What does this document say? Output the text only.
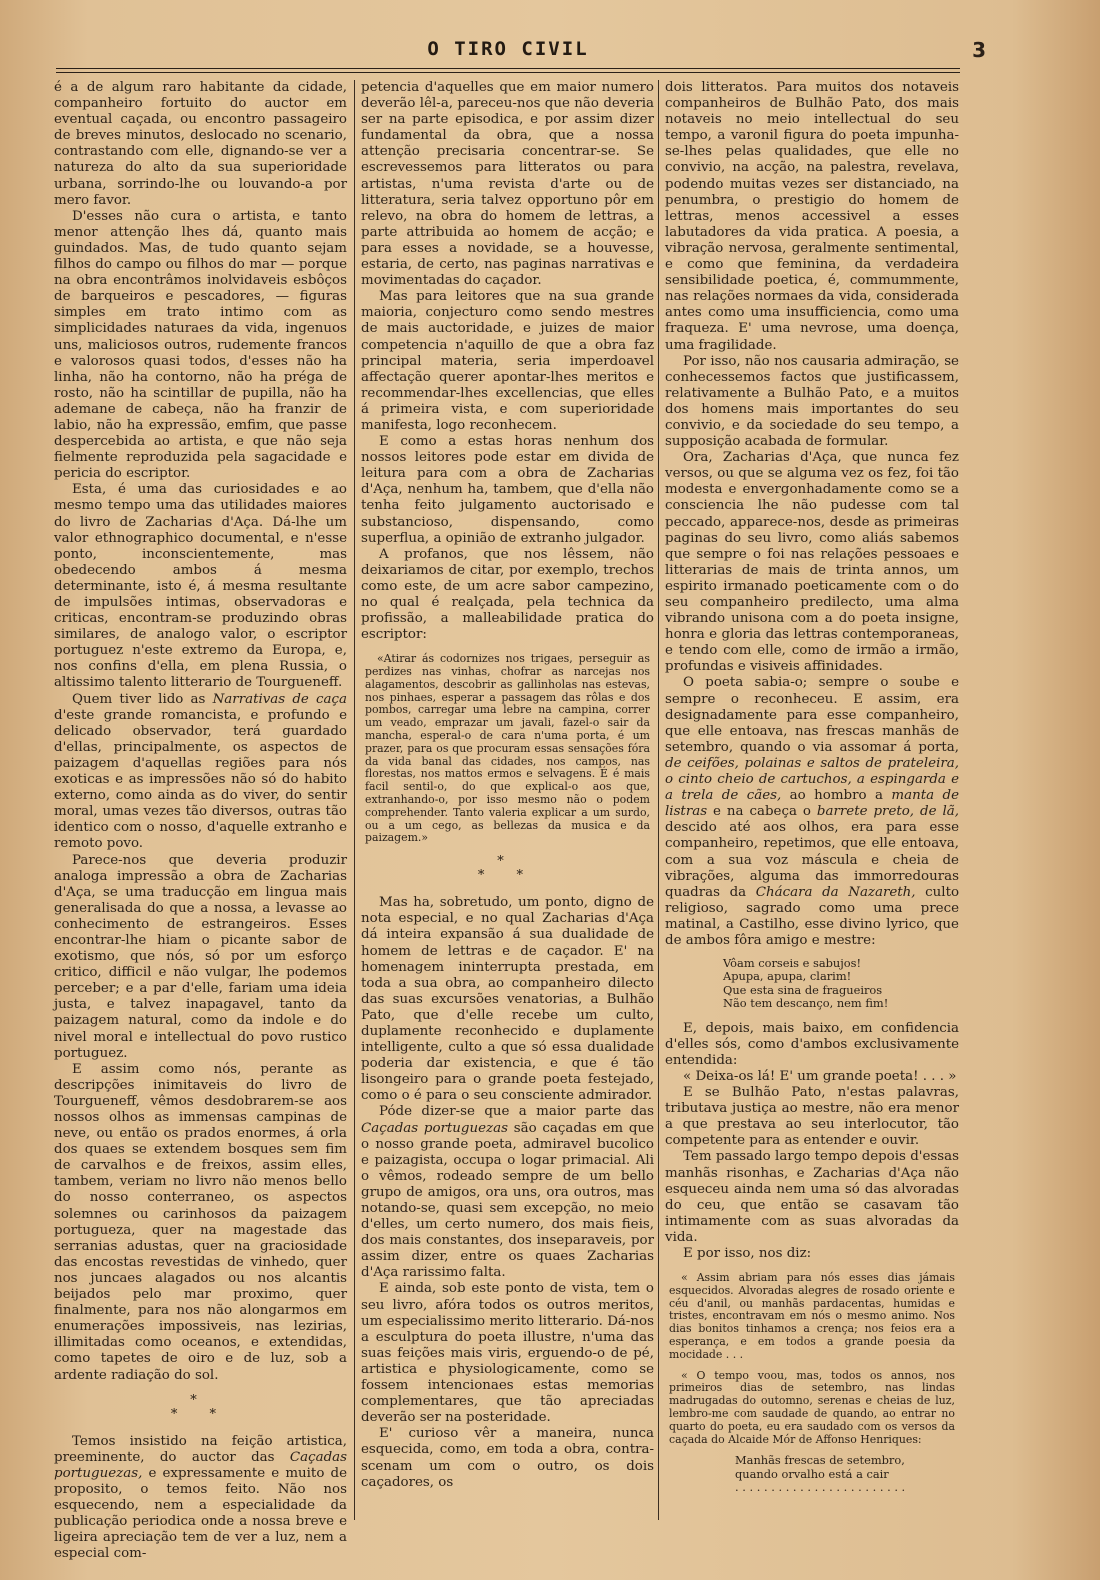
O TIRO CIVIL	3

é a de algum raro habitante da cidade, companheiro fortuito do auctor em eventual caçada, ou encontro passageiro de breves minutos, deslocado no scenario, contrastando com elle, dignando-se ver a natureza do alto da sua superioridade urbana, sorrindo-lhe ou louvando-a por mero favor.

D'esses não cura o artista, e tanto menor attenção lhes dá, quanto mais guindados. Mas, de tudo quanto sejam filhos do campo ou filhos do mar — porque na obra encontrâmos inolvidaveis esbôços de barqueiros e pescadores, — figuras simples em trato intimo com as simplicidades naturaes da vida, ingenuos uns, maliciosos outros, rudemente francos e valorosos quasi todos, d'esses não ha linha, não ha contorno, não ha préga de rosto, não ha scintillar de pupilla, não ha ademane de cabeça, não ha franzir de labio, não ha expressão, emfim, que passe despercebida ao artista, e que não seja fielmente reproduzida pela sagacidade e pericia do escriptor.

Esta, é uma das curiosidades e ao mesmo tempo uma das utilidades maiores do livro de Zacharias d'Aça. Dá-lhe um valor ethnographico documental, e n'esse ponto, inconscientemente, mas obedecendo ambos á mesma determinante, isto é, á mesma resultante de impulsões intimas, observadoras e criticas, encontram-se produzindo obras similares, de analogo valor, o escriptor portuguez n'este extremo da Europa, e, nos confins d'ella, em plena Russia, o altissimo talento litterario de Tourgueneff.

Quem tiver lido as Narrativas de caça d'este grande romancista, e profundo e delicado observador, terá guardado d'ellas, principalmente, os aspectos de paizagem d'aquellas regiões para nós exoticas e as impressões não só do habito externo, como ainda as do viver, do sentir moral, umas vezes tão diversos, outras tão identico com o nosso, d'aquelle extranho e remoto povo.

Parece-nos que deveria produzir analoga impressão a obra de Zacharias d'Aça, se uma traducção em lingua mais generalisada do que a nossa, a levasse ao conhecimento de estrangeiros. Esses encontrar-lhe hiam o picante sabor de exotismo, que nós, só por um esforço critico, difficil e não vulgar, lhe podemos perceber; e a par d'elle, fariam uma ideia justa, e talvez inapagavel, tanto da paizagem natural, como da indole e do nivel moral e intellectual do povo rustico portuguez.

E assim como nós, perante as descripções inimitaveis do livro de Tourgueneff, vêmos desdobrarem-se aos nossos olhos as immensas campinas de neve, ou então os prados enormes, á orla dos quaes se extendem bosques sem fim de carvalhos e de freixos, assim elles, tambem, veriam no livro não menos bello do nosso conterraneo, os aspectos solemnes ou carinhosos da paizagem portugueza, quer na magestade das serranias adustas, quer na graciosidade das encostas revestidas de vinhedo, quer nos juncaes alagados ou nos alcantis beijados pelo mar proximo, quer finalmente, para nos não alongarmos em enumerações impossiveis, nas lezirias, illimitadas como oceanos, e extendidas, como tapetes de oiro e de luz, sob a ardente radiação do sol.

*
* *

Temos insistido na feição artistica, preeminente, do auctor das Caçadas portuguezas, e expressamente e muito de proposito, o temos feito. Não nos esquecendo, nem a especialidade da publicação periodica onde a nossa breve e ligeira apreciação tem de ver a luz, nem a especial com-

petencia d'aquelles que em maior numero deverão lêl-a, pareceu-nos que não deveria ser na parte episodica, e por assim dizer fundamental da obra, que a nossa attenção precisaria concentrar-se. Se escrevessemos para litteratos ou para artistas, n'uma revista d'arte ou de litteratura, seria talvez opportuno pôr em relevo, na obra do homem de lettras, a parte attribuida ao homem de acção; e para esses a novidade, se a houvesse, estaria, de certo, nas paginas narrativas e movimentadas do caçador.

Mas para leitores que na sua grande maioria, conjecturo como sendo mestres de mais auctoridade, e juizes de maior competencia n'aquillo de que a obra faz principal materia, seria imperdoavel affectação querer apontar-lhes meritos e recommendar-lhes excellencias, que elles á primeira vista, e com superioridade manifesta, logo reconhecem.

E como a estas horas nenhum dos nossos leitores pode estar em divida de leitura para com a obra de Zacharias d'Aça, nenhum ha, tambem, que d'ella não tenha feito julgamento auctorisado e substancioso, dispensando, como superflua, a opinião de extranho julgador.

A profanos, que nos lêssem, não deixariamos de citar, por exemplo, trechos como este, de um acre sabor campezino, no qual é realçada, pela technica da profissão, a malleabilidade pratica do escriptor:

«Atirar ás codornizes nos trigaes, perseguir as perdizes nas vinhas, chofrar as narcejas nos alagamentos, descobrir as gallinholas nas estevas, nos pinhaes, esperar a passagem das rôlas e dos pombos, carregar uma lebre na campina, correr um veado, emprazar um javali, fazel-o sair da mancha, esperal-o de cara n'uma porta, é um prazer, para os que procuram essas sensações fóra da vida banal das cidades, nos campos, nas florestas, nos mattos ermos e selvagens. É é mais facil sentil-o, do que explical-o aos que, extranhando-o, por isso mesmo não o podem comprehender. Tanto valeria explicar a um surdo, ou a um cego, as bellezas da musica e da paizagem.»
*
* *

Mas ha, sobretudo, um ponto, digno de nota especial, e no qual Zacharias d'Aça dá inteira expansão á sua dualidade de homem de lettras e de caçador. E' na homenagem ininterrupta prestada, em toda a sua obra, ao companheiro dilecto das suas excursões venatorias, a Bulhão Pato, que d'elle recebe um culto, duplamente reconhecido e duplamente intelligente, culto a que só essa dualidade poderia dar existencia, e que é tão lisongeiro para o grande poeta festejado, como o é para o seu consciente admirador.

Póde dizer-se que a maior parte das Caçadas portuguezas são caçadas em que o nosso grande poeta, admiravel bucolico e paizagista, occupa o logar primacial. Ali o vêmos, rodeado sempre de um bello grupo de amigos, ora uns, ora outros, mas notando-se, quasi sem excepção, no meio d'elles, um certo numero, dos mais fieis, dos mais constantes, dos inseparaveis, por assim dizer, entre os quaes Zacharias d'Aça rarissimo falta.

E ainda, sob este ponto de vista, tem o seu livro, afóra todos os outros meritos, um especialissimo merito litterario. Dá-nos a esculptura do poeta illustre, n'uma das suas feições mais viris, erguendo-o de pé, artistica e physiologicamente, como se fossem intencionaes estas memorias complementares, que tão apreciadas deverão ser na posteridade.

E' curioso vêr a maneira, nunca esquecida, como, em toda a obra, contra-scenam um com o outro, os dois caçadores, os

dois litteratos. Para muitos dos notaveis companheiros de Bulhão Pato, dos mais notaveis no meio intellectual do seu tempo, a varonil figura do poeta impunha-se-lhes pelas qualidades, que elle no convivio, na acção, na palestra, revelava, podendo muitas vezes ser distanciado, na penumbra, o prestigio do homem de lettras, menos accessivel a esses labutadores da vida pratica. A poesia, a vibração nervosa, geralmente sentimental, e como que feminina, da verdadeira sensibilidade poetica, é, commummente, nas relações normaes da vida, considerada antes como uma insufficiencia, como uma fraqueza. E' uma nevrose, uma doença, uma fragilidade.

Por isso, não nos causaria admiração, se conhecessemos factos que justificassem, relativamente a Bulhão Pato, e a muitos dos homens mais importantes do seu convivio, e da sociedade do seu tempo, a supposição acabada de formular.

Ora, Zacharias d'Aça, que nunca fez versos, ou que se alguma vez os fez, foi tão modesta e envergonhadamente como se a consciencia lhe não pudesse com tal peccado, apparece-nos, desde as primeiras paginas do seu livro, como aliás sabemos que sempre o foi nas relações pessoaes e litterarias de mais de trinta annos, um espirito irmanado poeticamente com o do seu companheiro predilecto, uma alma vibrando unisona com a do poeta insigne, honra e gloria das lettras contemporaneas, e tendo com elle, como de irmão a irmão, profundas e visiveis affinidades.

O poeta sabia-o; sempre o soube e sempre o reconheceu. E assim, era designadamente para esse companheiro, que elle entoava, nas frescas manhãs de setembro, quando o via assomar á porta, de ceifões, polainas e saltos de prateleira, o cinto cheio de cartuchos, a espingarda e a trela de cães, ao hombro a manta de listras e na cabeça o barrete preto, de lã, descido até aos olhos, era para esse companheiro, repetimos, que elle entoava, com a sua voz máscula e cheia de vibrações, alguma das immorredouras quadras da Chácara da Nazareth, culto religioso, sagrado como uma prece matinal, a Castilho, esse divino lyrico, que de ambos fôra amigo e mestre:

Vôam corseis e sabujos!
Apupa, apupa, clarim!
Que esta sina de fragueiros
Não tem descanço, nem fim!

E, depois, mais baixo, em confidencia d'elles sós, como d'ambos exclusivamente entendida:

« Deixa-os lá! E' um grande poeta! . . . »

E se Bulhão Pato, n'estas palavras, tributava justiça ao mestre, não era menor a que prestava ao seu interlocutor, tão competente para as entender e ouvir.

Tem passado largo tempo depois d'essas manhãs risonhas, e Zacharias d'Aça não esqueceu ainda nem uma só das alvoradas do ceu, que então se casavam tão intimamente com as suas alvoradas da vida.

E por isso, nos diz:

« Assim abriam para nós esses dias jámais esquecidos. Alvoradas alegres de rosado oriente e céu d'anil, ou manhãs pardacentas, humidas e tristes, encontravam em nós o mesmo animo. Nos dias bonitos tinhamos a crença; nos feios era a esperança, e em todos a grande poesia da mocidade . . .
« O tempo voou, mas, todos os annos, nos primeiros dias de setembro, nas lindas madrugadas do outomno, serenas e cheias de luz, lembro-me com saudade de quando, ao entrar no quarto do poeta, eu era saudado com os versos da caçada do Alcaide Mór de Affonso Henriques:
Manhãs frescas de setembro,
quando orvalho está a cair
. . . . . . . . . . . . . . . . . . . . . . . .
